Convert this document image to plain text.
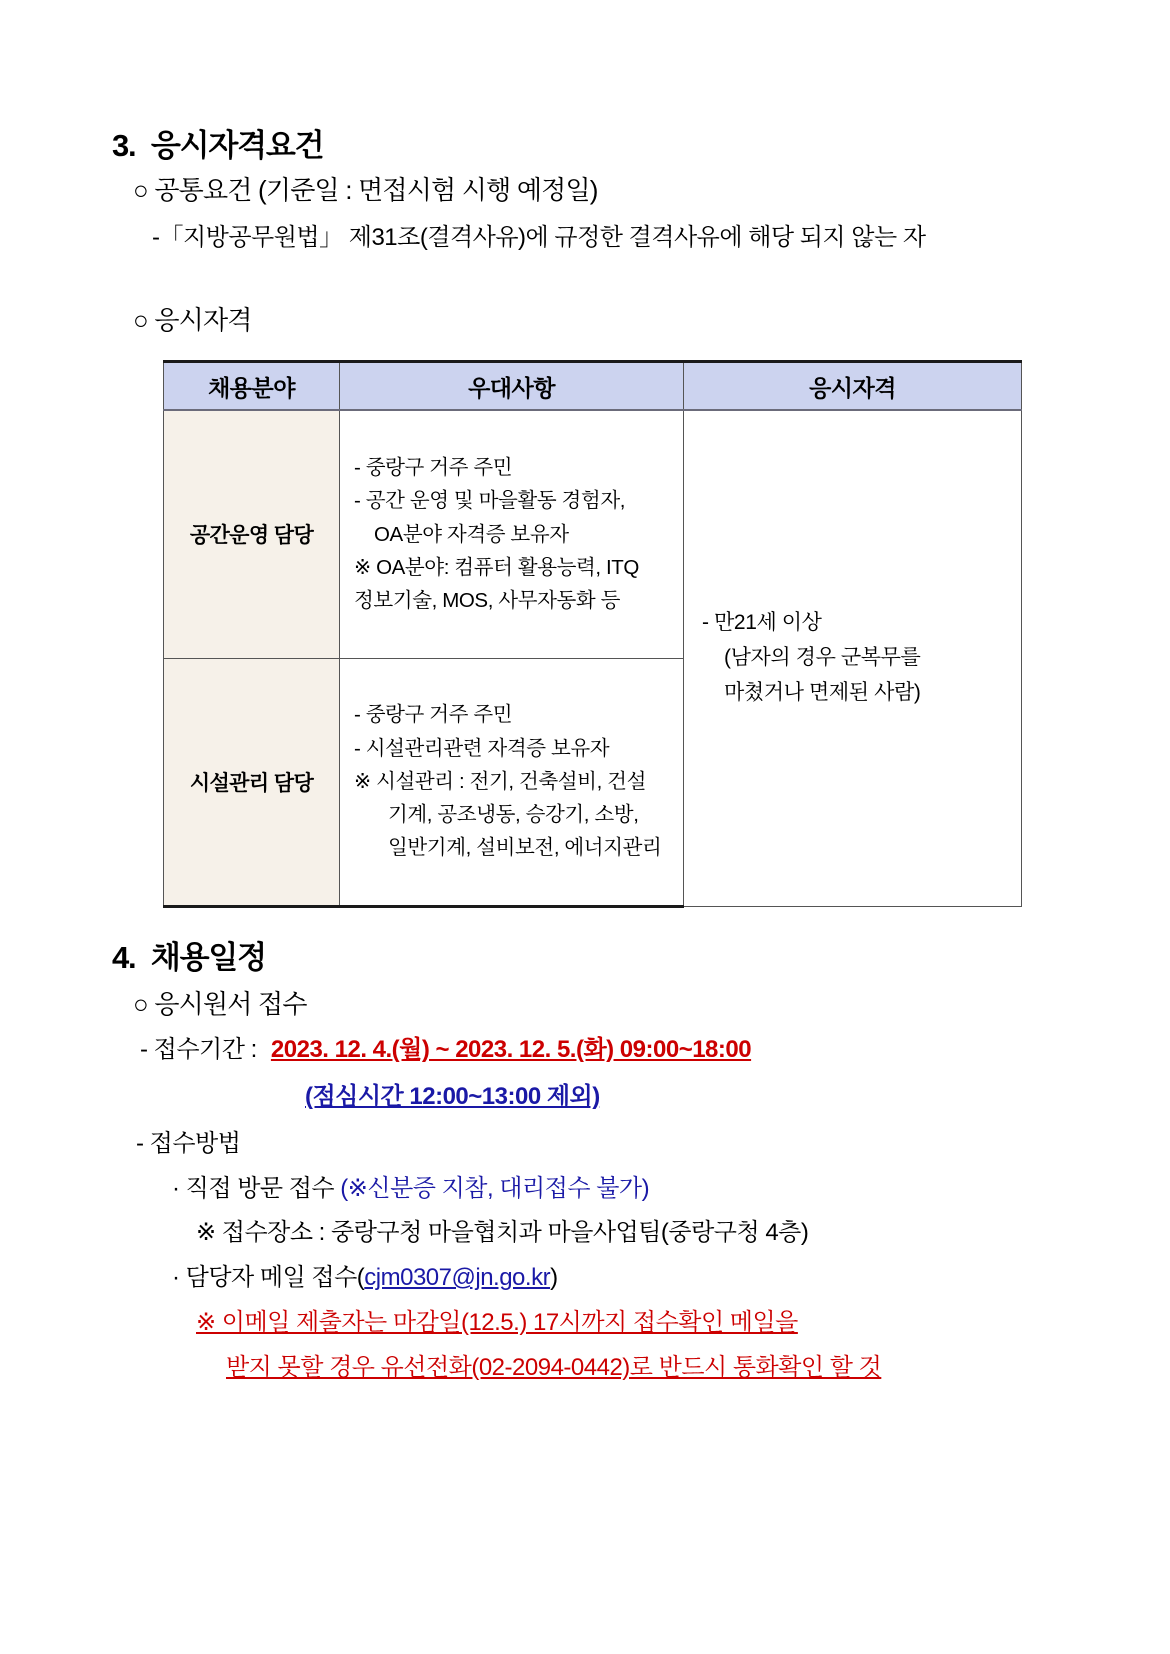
3. 응시자격요건
○ 공통요건 (기준일 : 면접시험 시행 예정일)
-「지방공무원법」 제31조(결격사유)에 규정한 결격사유에 해당 되지 않는 자
○ 응시자격
채용분야	우대사항	응시자격
공간운영 담당	- 중랑구 거주 주민
- 공간 운영 및 마을활동 경험자,
OA분야 자격증 보유자
※ OA분야: 컴퓨터 활용능력, ITQ
정보기술, MOS, 사무자동화 등	- 만21세 이상
(남자의 경우 군복무를
마쳤거나 면제된 사람)

시설관리 담당	- 중랑구 거주 주민
- 시설관리관련 자격증 보유자
※ 시설관리 : 전기, 건축설비, 건설
기계, 공조냉동, 승강기, 소방,
일반기계, 설비보전, 에너지관리	
4. 채용일정
○ 응시원서 접수
- 접수기간 : 2023. 12. 4.(월) ~ 2023. 12. 5.(화) 09:00~18:00
(점심시간 12:00~13:00 제외)
- 접수방법
· 직접 방문 접수 (※신분증 지참, 대리접수 불가)
※ 접수장소 : 중랑구청 마을협치과 마을사업팀(중랑구청 4층)
· 담당자 메일 접수(cjm0307@jn.go.kr)
※ 이메일 제출자는 마감일(12.5.) 17시까지 접수확인 메일을
받지 못할 경우 유선전화(02-2094-0442)로 반드시 통화확인 할 것
